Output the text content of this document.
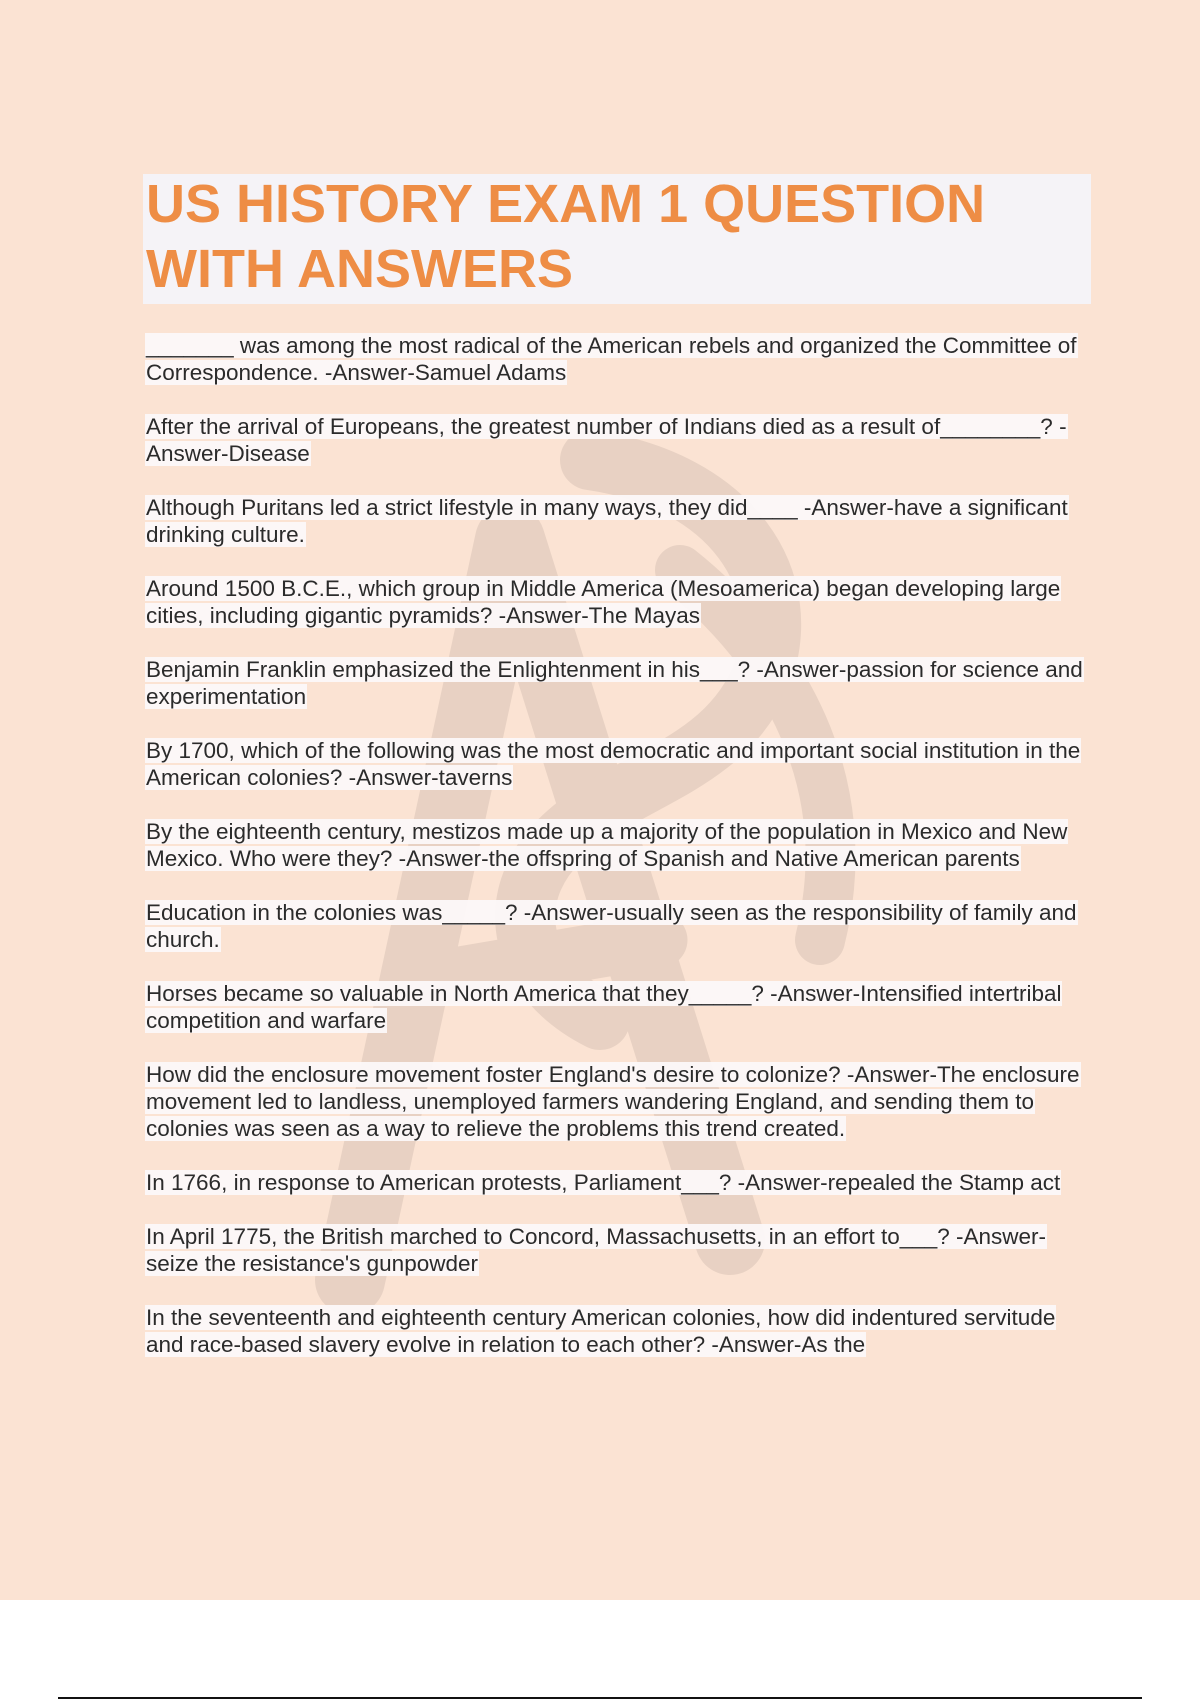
US HISTORY EXAM 1 QUESTION WITH ANSWERS

_______ was among the most radical of the American rebels and organized the Committee of Correspondence. -Answer-Samuel Adams

After the arrival of Europeans, the greatest number of Indians died as a result of________? -Answer-Disease

Although Puritans led a strict lifestyle in many ways, they did____ -Answer-have a significant drinking culture.

Around 1500 B.C.E., which group in Middle America (Mesoamerica) began developing large cities, including gigantic pyramids? -Answer-The Mayas

Benjamin Franklin emphasized the Enlightenment in his___? -Answer-passion for science and experimentation

By 1700, which of the following was the most democratic and important social institution in the American colonies? -Answer-taverns

By the eighteenth century, mestizos made up a majority of the population in Mexico and New Mexico. Who were they? -Answer-the offspring of Spanish and Native American parents

Education in the colonies was_____? -Answer-usually seen as the responsibility of family and church.

Horses became so valuable in North America that they_____? -Answer-Intensified intertribal competition and warfare

How did the enclosure movement foster England's desire to colonize? -Answer-The enclosure movement led to landless, unemployed farmers wandering England, and sending them to colonies was seen as a way to relieve the problems this trend created.

In 1766, in response to American protests, Parliament___? -Answer-repealed the Stamp act

In April 1775, the British marched to Concord, Massachusetts, in an effort to___? -Answer-seize the resistance's gunpowder

In the seventeenth and eighteenth century American colonies, how did indentured servitude and race-based slavery evolve in relation to each other? -Answer-As the
